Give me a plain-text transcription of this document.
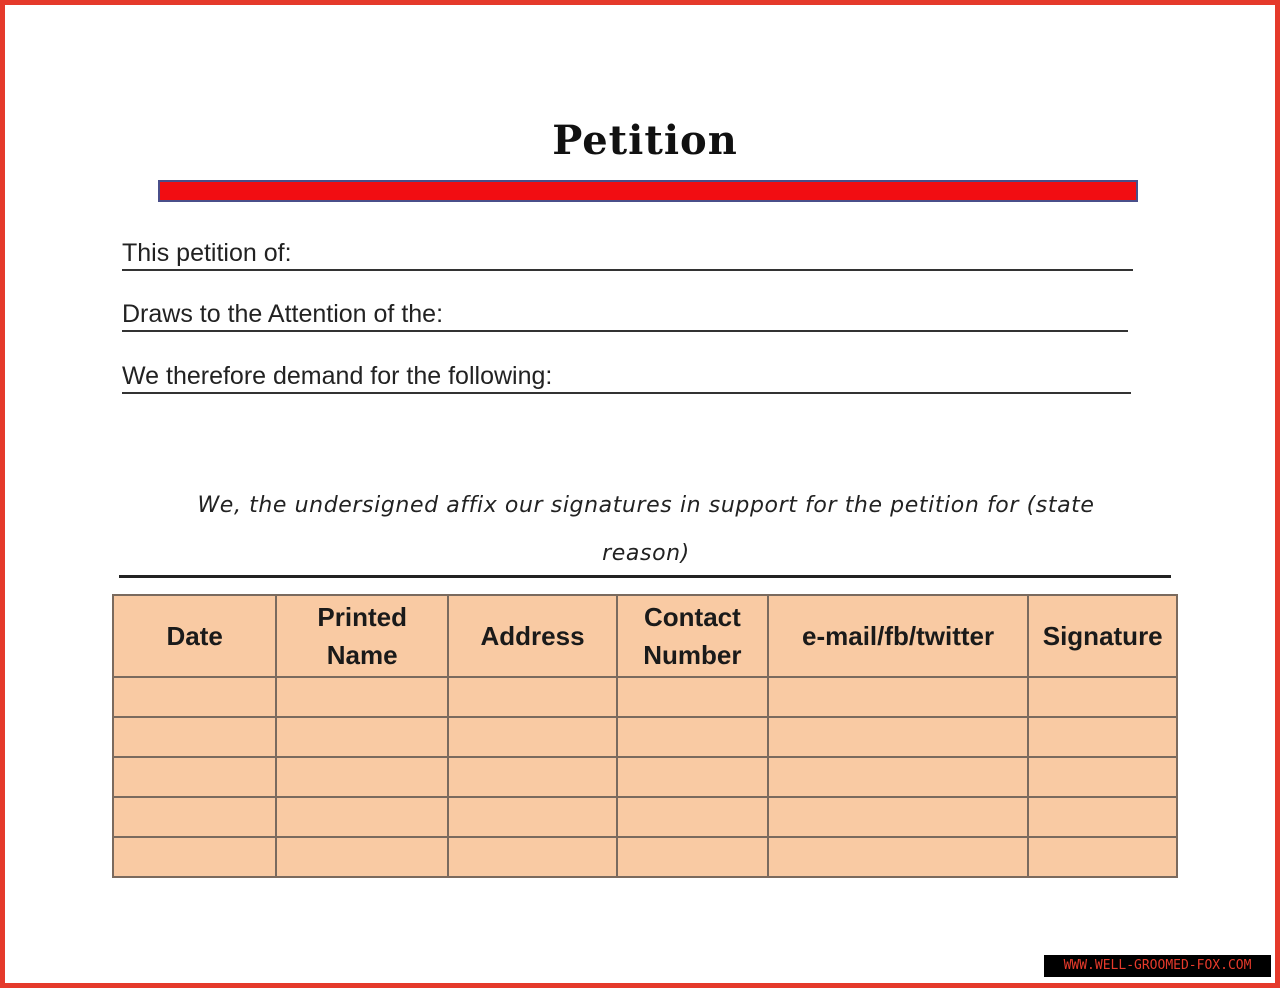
Petition
This petition of:
Draws to the Attention of the:
We therefore demand for the following:
We, the undersigned affix our signatures in support for the petition for (state reason)
Date	Printed Name	Address	Contact Number	e-mail/fb/twitter	Signature

WWW.WELL-GROOMED-FOX.COM
